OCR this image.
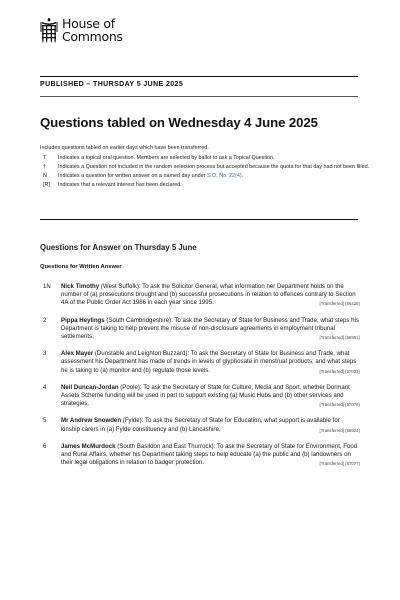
House of
Commons
PUBLISHED – THURSDAY 5 JUNE 2025
Questions tabled on Wednesday 4 June 2025

Includes questions tabled on earlier days which have been transferred.

T	Indicates a topical oral question. Members are selected by ballot to ask a Topical Question.
†	Indicates a Question not included in the random selection process but accepted because the quota for that day had not been filled.
N	Indicates a question for written answer on a named day under S.O. No. 22(4).
[R]	Indicates that a relevant interest has been declared.
Questions for Answer on Thursday 5 June
Questions for Written Answer
1N	Nick Timothy (West Suffolk): To ask the Solicitor General, what information her Department holds on the number of (a) prosecutions brought and (b) successful prosecutions in relation to offences contrary to Section 4A of the Public Order Act 1986 in each year since 1995.	[Transferred] (56428)
2	Pippa Heylings (South Cambridgeshire): To ask the Secretary of State for Business and Trade, what steps his Department is taking to help prevent the misuse of non-disclosure agreements in employment tribunal settlements.	[Transferred] (56951)
3	Alex Mayer (Dunstable and Leighton Buzzard): To ask the Secretary of State for Business and Trade, what assessment his Department has made of trends in levels of glyphosate in menstrual products; and what steps he is taking to (a) monitor and (b) regulate those levels.	[Transferred] (57003)
4	Neil Duncan-Jordan (Poole): To ask the Secretary of State for Culture, Media and Sport, whether Dormant Assets Scheme funding will be used in part to support existing (a) Music Hubs and (b) other services and strategies.	[Transferred] (57078)
5	Mr Andrew Snowden (Fylde): To ask the Secretary of State for Education, what support is available for kinship carers in (a) Fylde constituency and (b) Lancashire.	[Transferred] (56924)
6	James McMurdock (South Basildon and East Thurrock): To ask the Secretary of State for Environment, Food and Rural Affairs, whether his Department taking steps to help educate (a) the public and (b) landowners on their legal obligations in relation to badger protection.	[Transferred] (57077)
